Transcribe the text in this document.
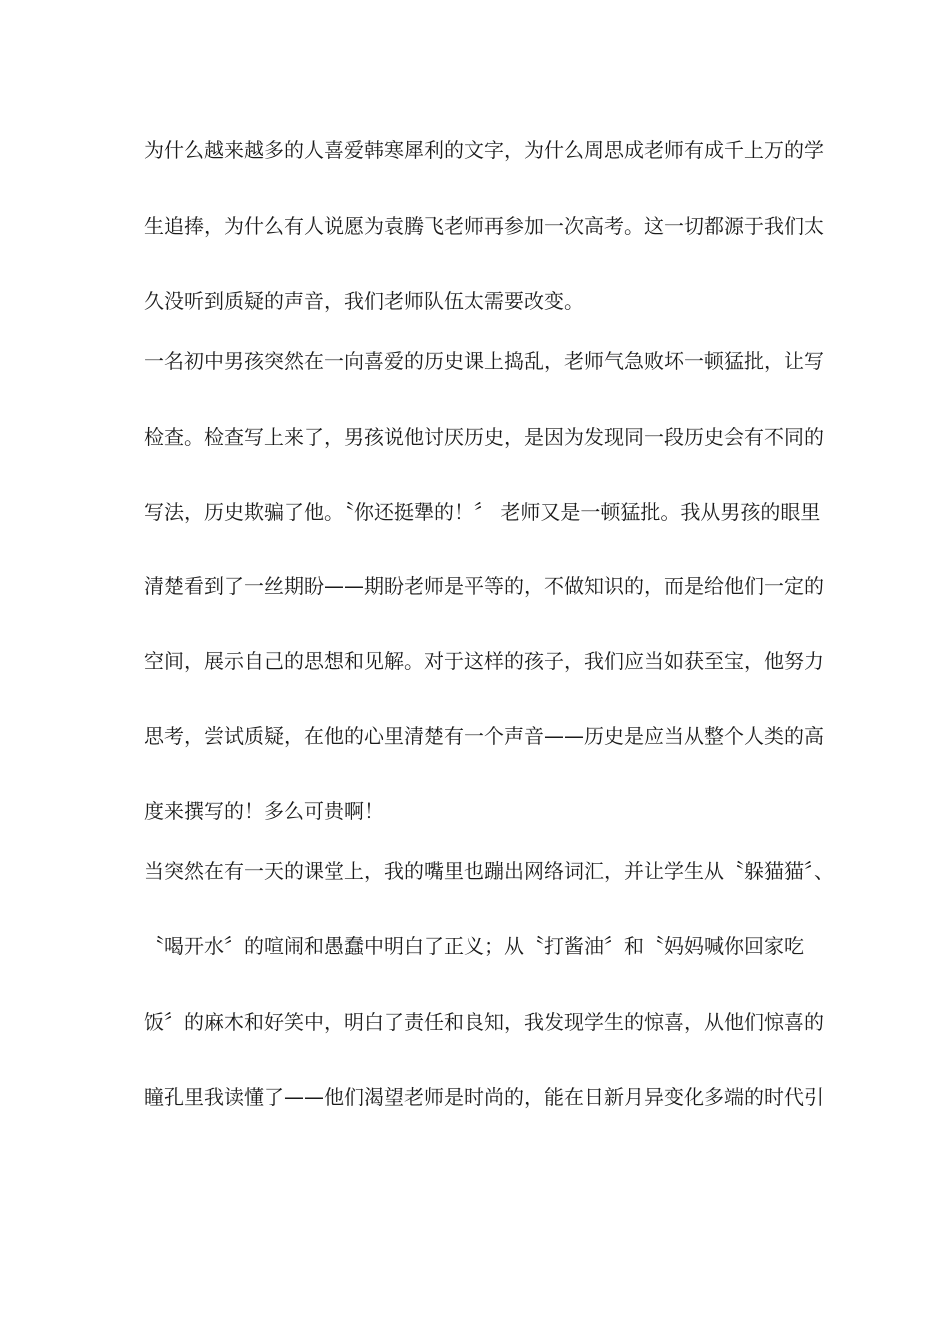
为什么越来越多的人喜爱韩寒犀利的文字，为什么周思成老师有成千上万的学
生追捧，为什么有人说愿为袁腾飞老师再参加一次高考。这一切都源于我们太
久没听到质疑的声音，我们老师队伍太需要改变。
一名初中男孩突然在一向喜爱的历史课上捣乱，老师气急败坏一顿猛批，让写
检查。检查写上来了，男孩说他讨厌历史，是因为发现同一段历史会有不同的
写法，历史欺骗了他。〝你还挺犟的！〞 老师又是一顿猛批。我从男孩的眼里
清楚看到了一丝期盼——期盼老师是平等的，不做知识的，而是给他们一定的
空间，展示自己的思想和见解。对于这样的孩子，我们应当如获至宝，他努力
思考，尝试质疑，在他的心里清楚有一个声音——历史是应当从整个人类的高
度来撰写的！多么可贵啊！
当突然在有一天的课堂上，我的嘴里也蹦出网络词汇，并让学生从〝躲猫猫〞、
〝喝开水〞的喧闹和愚蠢中明白了正义；从〝打酱油〞和〝妈妈喊你回家吃
饭〞的麻木和好笑中，明白了责任和良知，我发现学生的惊喜，从他们惊喜的
瞳孔里我读懂了——他们渴望老师是时尚的，能在日新月异变化多端的时代引
